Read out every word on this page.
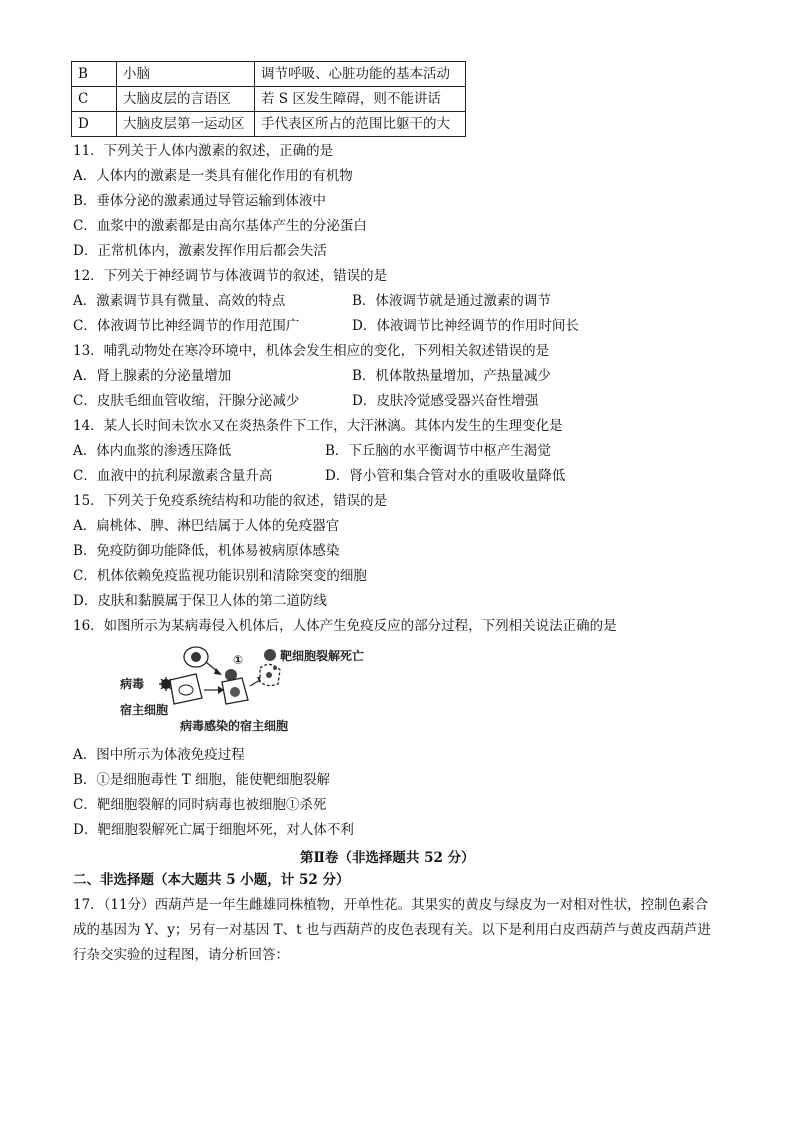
B	小脑	调节呼吸、心脏功能的基本活动
C	大脑皮层的言语区	若 S 区发生障碍，则不能讲话
D	大脑皮层第一运动区	手代表区所占的范围比躯干的大
11．下列关于人体内激素的叙述，正确的是
A．人体内的激素是一类具有催化作用的有机物
B．垂体分泌的激素通过导管运输到体液中
C．血浆中的激素都是由高尔基体产生的分泌蛋白
D．正常机体内，激素发挥作用后都会失活
12．下列关于神经调节与体液调节的叙述，错误的是
A．激素调节具有微量、高效的特点	B．体液调节就是通过激素的调节
C．体液调节比神经调节的作用范围广	D．体液调节比神经调节的作用时间长
13．哺乳动物处在寒冷环境中，机体会发生相应的变化，下列相关叙述错误的是
A．肾上腺素的分泌量增加	B．机体散热量增加，产热量减少
C．皮肤毛细血管收缩，汗腺分泌减少	D．皮肤冷觉感受器兴奋性增强
14．某人长时间未饮水又在炎热条件下工作，大汗淋漓。其体内发生的生理变化是
A．体内血浆的渗透压降低	B．下丘脑的水平衡调节中枢产生渴觉
C．血液中的抗利尿激素含量升高	D．肾小管和集合管对水的重吸收量降低
15．下列关于免疫系统结构和功能的叙述，错误的是
A．扁桃体、脾、淋巴结属于人体的免疫器官
B．免疫防御功能降低，机体易被病原体感染
C．机体依赖免疫监视功能识别和清除突变的细胞
D．皮肤和黏膜属于保卫人体的第二道防线
16．如图所示为某病毒侵入机体后，人体产生免疫反应的部分过程，下列相关说法正确的是
病毒
宿主细胞
①
病毒感染的宿主细胞
靶细胞裂解死亡
A．图中所示为体液免疫过程
B．①是细胞毒性 T 细胞，能使靶细胞裂解
C．靶细胞裂解的同时病毒也被细胞①杀死
D．靶细胞裂解死亡属于细胞坏死，对人体不利
第Ⅱ卷（非选择题共 52 分）
二、非选择题（本大题共 5 小题，计 52 分）
17．（11分）西葫芦是一年生雌雄同株植物，开单性花。其果实的黄皮与绿皮为一对相对性状，控制色素合
成的基因为 Y、y；另有一对基因 T、t 也与西葫芦的皮色表现有关。以下是利用白皮西葫芦与黄皮西葫芦进
行杂交实验的过程图，请分析回答：
